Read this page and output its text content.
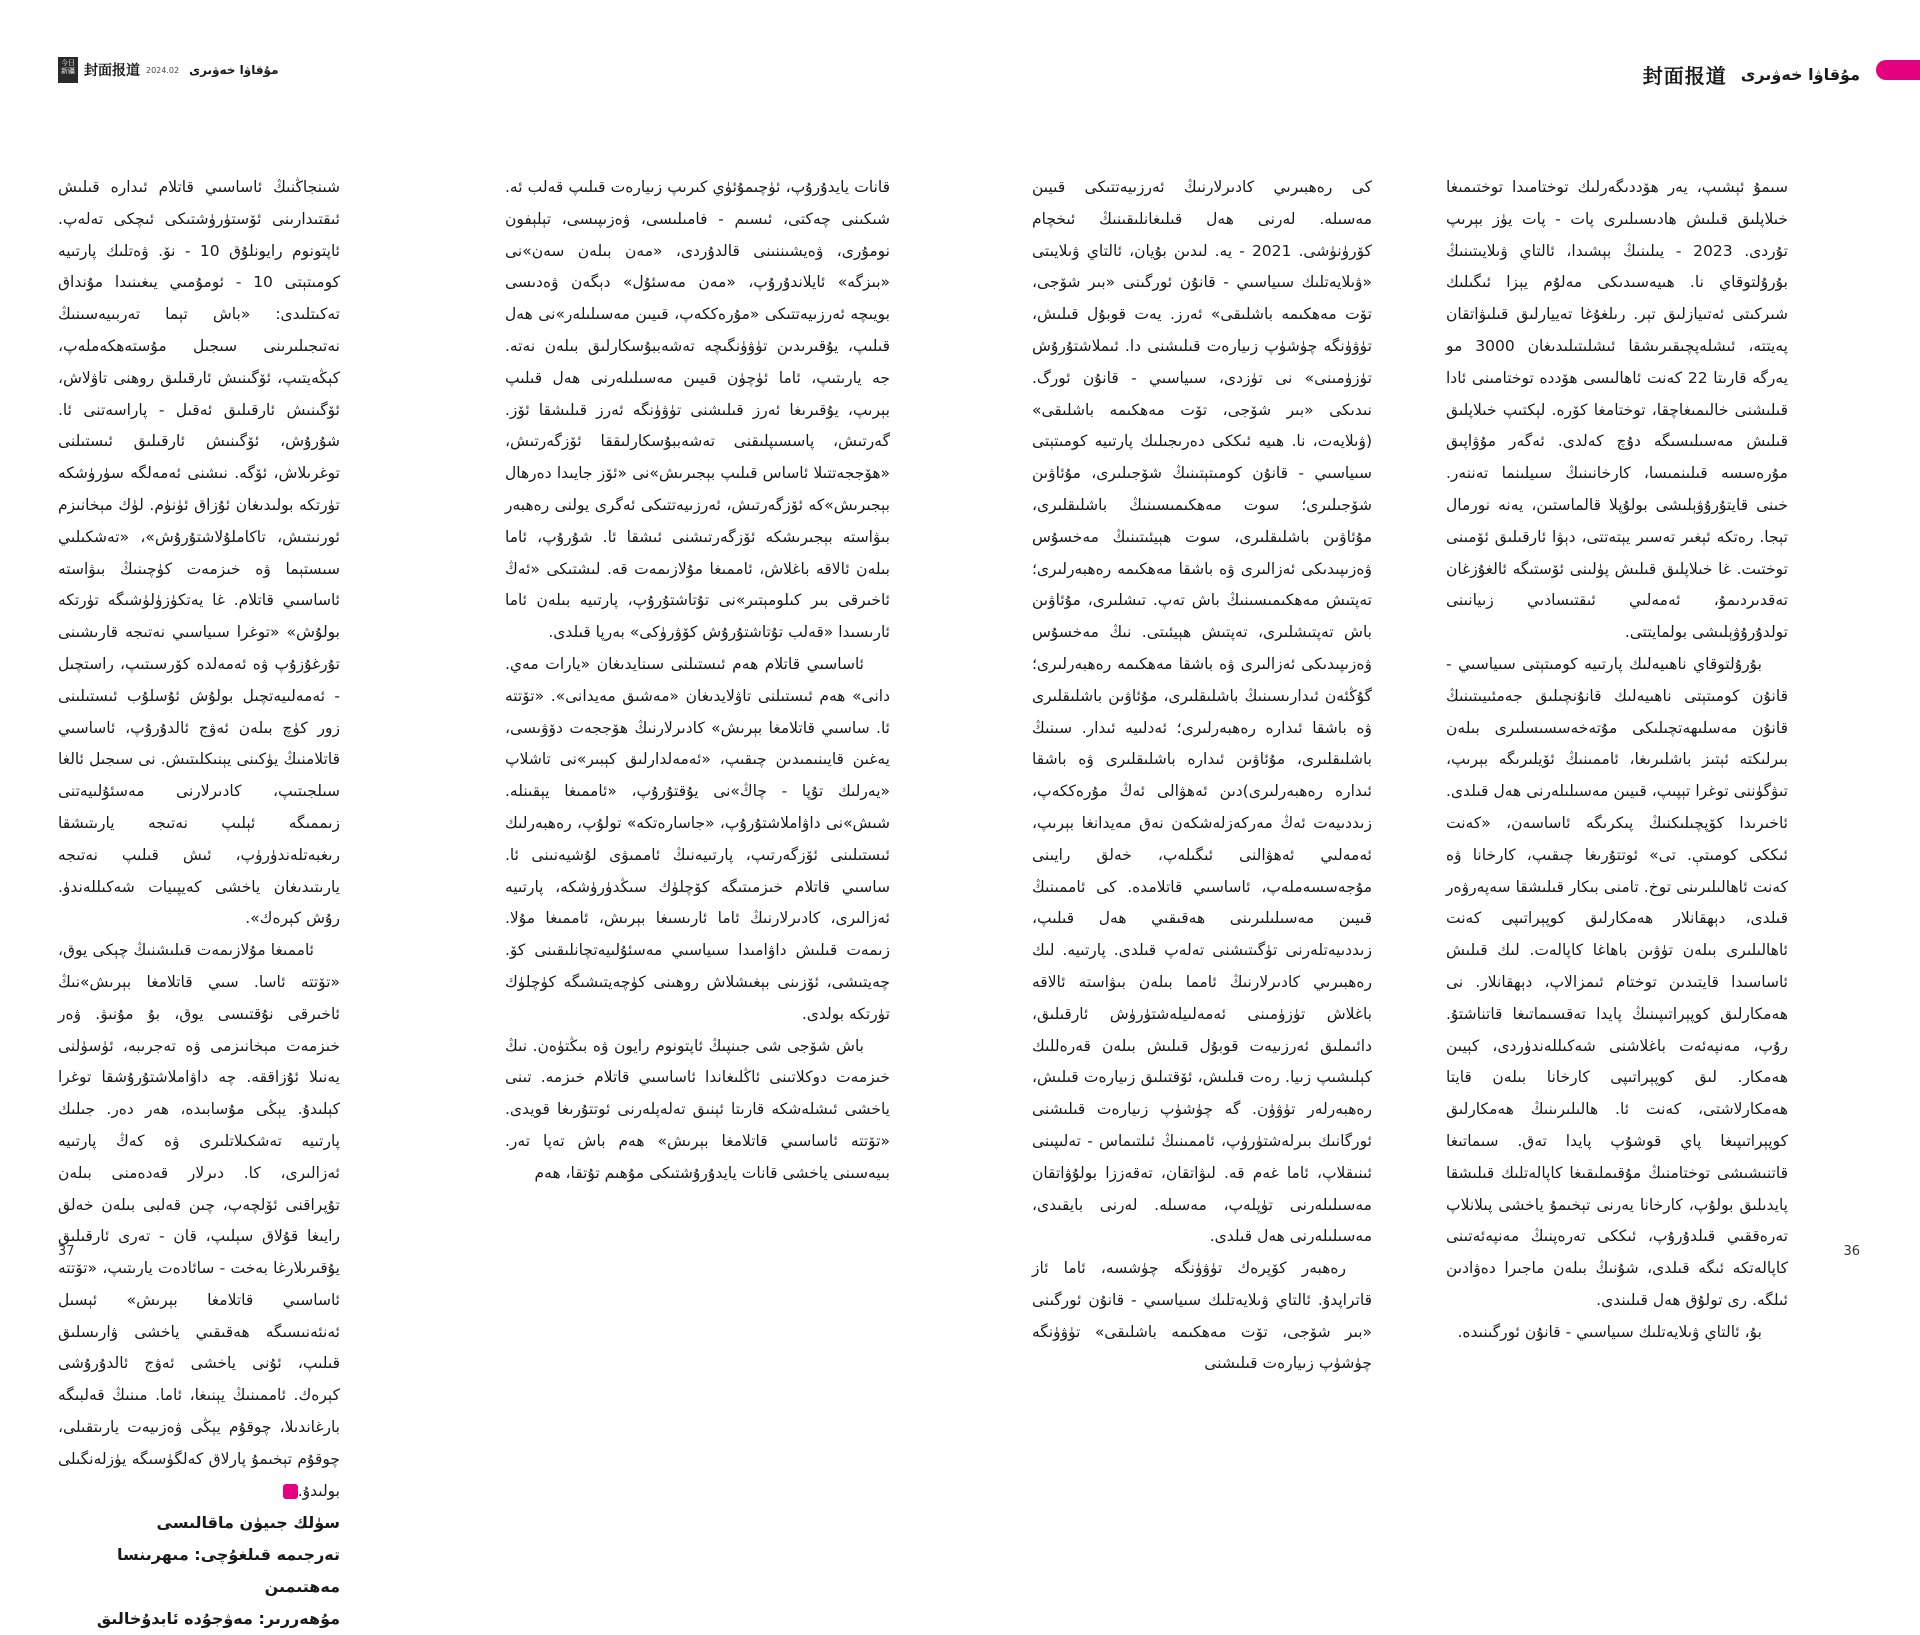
今日新疆 封面报道 2024.02 مۇقاۋا خەۋىرى

شىنجاڭنىڭ ئاساسىي قاتلام ئىدارە قىلىش ئىقتىدارىنى ئۆستۈرۈشتىكى ئىچكى تەلەپ. ئاپتونوم رايونلۇق 10 - نۆ. ۋەتلىك پارتىيە كومىتېتى 10 - ئومۇمىي يىغىنىدا مۇنداق تەكىتلىدى: «باش تېما تەربىيەسىنىڭ نەتىجىلىرىنى سىجىل مۇستەھكەملەپ، كېڭەيتىپ، ئۆگىنىش ئارقىلىق روھنى تاۋلاش، ئۆگىنىش ئارقىلىق ئەقىل - پاراسەتنى ئا. شۇرۇش، ئۆگىنىش ئارقىلىق ئىستىلنى توغرىلاش، ئۆگە. نىشنى ئەمەلگە سۈرۈشكە تۈرتكە بولىدىغان ئۇزاق ئۈنۈم. لۈك مېخانىزم ئورنىتىش، تاكاملۇلاشتۇرۇش»، «تەشكىلىي سىستېما ۋە خىزمەت كۈچىنىڭ بىۋاستە ئاساسىي قاتلام. غا يەتكۈزۈلۈشىگە تۈرتكە بولۇش» «توغرا سىياسىي نەتىجە قارىشىنى تۇرغۇزۇپ ۋە ئەمەلدە كۆرسىتىپ، راستچىل - ئەمەلىيەتچىل بولۇش ئۇسلۇب ئىستىلىنى زور كۈچ بىلەن ئەۋج ئالدۇرۇپ، ئاساسىي قاتلامنىڭ يۈكىنى يېنىكلىتىش. نى سىجىل ئالغا سىلجىتىپ، كادىرلارنى مەسئۇلىيەتنى زىممىگە ئېلىپ نەتىجە يارىتىشقا رىغبەتلەندۈرۈپ، ئىش قىلىپ نەتىجە يارىتىدىغان ياخشى كەيپىيات شەكىللەندۈ. رۇش كېرەك».

ئاممىغا مۇلازىمەت قىلىشنىڭ چېكى يوق، «تۆتتە ئاسا. سىي قاتلامغا بېرىش»نىڭ ئاخىرقى نۇقتىسى يوق، بۇ مۇنىۋ. ۋەر خىزمەت مېخانىزمى ۋە تەجرىبە، ئۈسۈلنى يەنىلا ئۇزاققە. چە داۋاملاشتۇرۇشقا توغرا كېلىدۇ. يېڭى مۇسابىدە، ھەر دەر. جىلىك پارتىيە تەشكىلاتلىرى ۋە كەڭ پارتىيە ئەزالىرى، كا. دىرلار قەدەمنى بىلەن تۇپراقنى ئۆلچەپ، چىن قەلبى بىلەن خەلق رايىغا قۇلاق سېلىپ، قان - تەرى ئارقىلىق يۇقىرىلارغا بەخت - سائادەت يارىتىپ، «تۆتتە ئاساسىي قاتلامغا بېرىش» ئېسىل ئەنئەنىسىگە ھەقىقىي ياخشى ۋارىسلىق قىلىپ، ئۇنى ياخشى ئەۋج ئالدۇرۇشى كېرەك. ئاممىنىڭ يېنىغا، ئاما. مىنىڭ قەلبىگە بارغاندىلا، چوقۇم يېڭى ۋەزىيەت يارىتقىلى، چوقۇم تېخىمۇ پارلاق كەلگۈسىگە يۈزلەنگىلى بولىدۇ.

سۈلك جىيۈن ماقالىسى
تەرجىمە قىلغۇچى: مىھرىنسا مەھتىمىن
مۇھەررىر: مەۋجۇدە ئابدۇخالىق

قانات يايدۇرۇپ، ئۈچىمۇئۈي كىرىپ زىيارەت قىلىپ قەلب ئە. شىكىنى چەكتى، ئىسىم - فامىلىسى، ۋەزىپىسى، تېلېفون نومۇرى، ۋەيشىننىنى قالدۇردى، «مەن بىلەن سەن»نى «بىزگە» ئايلاندۇرۇپ، «مەن مەسئۇل» دېگەن ۋەدىسى بويىچە ئەرزىيەتتىكى «مۇرەككەپ، قىيىن مەسىلىلەر»نى ھەل قىلىپ، يۇقىرىدىن تۈۋۈنگىچە تەشەببۇسكارلىق بىلەن نەتە. جە يارىتىپ، ئاما ئۈچۈن قىيىن مەسىلىلەرنى ھەل قىلىپ بېرىپ، يۇقىرىغا ئەرز قىلىشنى تۈۋۈنگە ئەرز قىلىشقا ئۆز. گەرتىش، پاسسىپلىقنى تەشەببۇسكارلىققا ئۆزگەرتىش، «ھۆججەتتىلا ئاساس قىلىپ بېجىرىش»نى «ئۆز جايىدا دەرھال بېجىرىش»كە ئۆزگەرتىش، ئەرزىيەتتىكى ئەگرى يولنى رەھبەر بىۋاستە بېجىرىشكە ئۆزگەرتىشنى ئىشقا ئا. شۇرۇپ، ئاما بىلەن ئالاقە باغلاش، ئاممىغا مۇلازىمەت قە. لىشتىكى «ئەڭ ئاخىرقى بىر كىلومېتىر»نى تۇتاشتۇرۇپ، پارتىيە بىلەن ئاما ئارىسىدا «قەلب تۇتاشتۇرۇش كۆۋرۈكى» بەرپا قىلدى.

ئاساسىي قاتلام ھەم ئىستىلنى سىنايدىغان «يارات مەي. دانى» ھەم ئىستىلنى تاۋلايدىغان «مەشىق مەيدانى». «تۆتتە ئا. ساسىي قاتلامغا بېرىش» كادىرلارنىڭ ھۆججەت دۆۋىسى، يەغىن قايىنىمىدىن چىقىپ، «ئەمەلدارلىق كېبىر»نى تاشلاپ «يەرلىك تۇپا - چاڭ»نى يۇقتۇرۇپ، «ئاممىغا يېقىنلە. شىش»نى داۋاملاشتۇرۇپ، «جاسارەتكە» تولۇپ، رەھبەرلىك ئىستىلىنى ئۆزگەرتىپ، پارتىيەنىڭ ئاممىۋى لۇشيەنىنى ئا. ساسىي قاتلام خىزمىتىگە كۆچلۈك سىڭدۈرۈشكە، پارتىيە ئەزالىرى، كادىرلارنىڭ ئاما ئارىسىغا بېرىش، ئاممىغا مۇلا. زىمەت قىلىش داۋامىدا سىياسىي مەسئۇلىيەتچانلىقىنى كۆ. چەيتىشى، ئۆزىنى بېغىشلاش روھىنى كۈچەيتىشىگە كۈچلۈك تۈرتكە بولدى.

باش شۆجى شى جىنپىڭ ئاپتونوم رايون ۋە بىڭتۈەن. نىڭ خىزمەت دوكلاتىنى ئاڭلىغاندا ئاساسىي قاتلام خىزمە. تىنى ياخشى ئىشلەشكە قارىتا ئېنىق تەلەپلەرنى ئوتتۇرىغا قويدى. «تۆتتە ئاساسىي قاتلامغا بېرىش» ھەم باش تەپا تەر. بىيەسىنى ياخشى قانات يايدۇرۇشتىكى مۇھىم تۇتقا، ھەم

37
封面报道 مۇقاۋا خەۋىرى

كى رەھبىرىي كادىرلارنىڭ ئەرزىيەتتىكى قىيىن مەسىلە. لەرنى ھەل قىلىغانلىقىنىڭ ئىخچام كۆرۈنۈشى. 2021 - يە. لىدىن بۇيان، ئالتاي ۋىلايىتى «ۋىلايەتلىك سىياسىي - قانۇن ئورگىنى «بىر شۆجى، تۆت مەھكىمە باشلىقى» ئەرز. يەت قوبۇل قىلىش، تۈۋۈنگە چۈشۈپ زىيارەت قىلىشنى دا. ئىملاشتۇرۇش تۈزۈمىنى» نى تۈزدى، سىياسىي - قانۇن ئورگ. نىدىكى «بىر شۆجى، تۆت مەھكىمە باشلىقى» (ۋىلايەت، نا. ھىيە ئىككى دەرىجىلىك پارتىيە كومىتېتى سىياسىي - قانۇن كومىتېتىنىڭ شۆجىلىرى، مۇئاۋىن شۆجىلىرى؛ سوت مەھكىمىسىنىڭ باشلىقلىرى، مۇئاۋىن باشلىقلىرى، سوت ھېيئىتىنىڭ مەخسۇس ۋەزىپىدىكى ئەزالىرى ۋە باشقا مەھكىمە رەھبەرلىرى؛ تەپتىش مەھكىمىسىنىڭ باش تەپ. تىشلىرى، مۇئاۋىن باش تەپتىشلىرى، تەپتىش ھېيئىتى. نىڭ مەخسۇس ۋەزىپىدىكى ئەزالىرى ۋە باشقا مەھكىمە رەھبەرلىرى؛ گۇڭئەن ئىدارىسىنىڭ باشلىقلىرى، مۇئاۋىن باشلىقلىرى ۋە باشقا ئىدارە رەھبەرلىرى؛ ئەدلىيە ئىدار. سىنىڭ باشلىقلىرى، مۇئاۋىن ئىدارە باشلىقلىرى ۋە باشقا ئىدارە رەھبەرلىرى)دىن ئەھۋالى ئەڭ مۇرەككەپ، زىددىيەت ئەڭ مەركەزلەشكەن نەق مەيدانغا بېرىپ، ئەمەلىي ئەھۋالنى ئىگىلەپ، خەلق رايىنى مۇجەسسەملەپ، ئاساسىي قاتلامدە. كى ئاممىنىڭ قىيىن مەسىلىلىرىنى ھەقىقىي ھەل قىلىپ، زىددىيەتلەرنى تۈگىتىشنى تەلەپ قىلدى. پارتىيە. لىك رەھبىرىي كادىرلارنىڭ ئامما بىلەن بىۋاستە ئالاقە باغلاش تۈزۈمىنى ئەمەلىيلەشتۈرۈش ئارقىلىق، دائىملىق ئەرزىيەت قوبۇل قىلىش بىلەن قەرەللىك كېلىشىپ زىيا. رەت قىلىش، ئۆقتىلىق زىيارەت قىلىش، رەھبەرلەر تۈۋۈن. گە چۈشۈپ زىيارەت قىلىشنى ئورگانىك بىرلەشتۈرۈپ، ئاممىنىڭ ئىلتىماس - تەلىپىنى ئىنىقلاپ، ئاما غەم قە. لىۋاتقان، تەقەززا بولۇۋاتقان مەسىلىلەرنى تۈپلەپ، مەسىلە. لەرنى بايقىدى، مەسىلىلەرنى ھەل قىلدى.

رەھبەر كۆپرەك تۈۋۈنگە چۈشسە، ئاما ئاز قاتراپدۇ. ئالتاي ۋىلايەتلىك سىياسىي - قانۇن ئورگىنى «بىر شۆجى، تۆت مەھكىمە باشلىقى» تۈۋۈنگە چۈشۈپ زىيارەت قىلىشنى

سىمۇ ئېشىپ، يەر ھۆددىگەرلىك توختامىدا توختىمىغا خىلاپلىق قىلىش ھادىسىلىرى پات - پات يۈز بېرىپ تۇردى. 2023 - يىلىنىڭ بېشىدا، ئالتاي ۋىلايىتىنىڭ بۇرۇلتوقاي نا. ھىيەسىدىكى مەلۇم يېزا ئىگىلىك شىركىتى ئەتىيازلىق تېر. رىلغۇغا تەييارلىق قىلىۋاتقان پەيتتە، ئىشلەپچىقىرىشقا ئىشلىتىلىدىغان 3000 مو يەرگە قارىتا 22 كەنت ئاھالىسى ھۆددە توختامىنى ئادا قىلىشنى خالىمىغاچقا، توختامغا كۆرە. لېكتىپ خىلاپلىق قىلىش مەسىلىسىگە دۇچ كەلدى. ئەگەر مۇۋاپىق مۇرەسسە قىلىنمىسا، كارخانىنىڭ سىيلىنما تەننەر. خىنى قايتۇرۇۋېلىشى بولۇپلا قالماستىن، يەنە نورمال تېجا. رەتكە ئېغىر تەسىر يېتەتتى، دېۋا ئارقىلىق ئۆمىنى توختىت. غا خىلاپلىق قىلىش پۈلىنى ئۆستىگە ئالغۇزغان تەقدىردىمۇ، ئەمەلىي ئىقتىسادىي زىيانىنى تولدۇرۇۋېلىشى بولمايتتى.

بۇرۇلتوقاي ناھىيەلىك پارتىيە كومىتېتى سىياسىي - قانۇن كومىتېتى ناھىيەلىك قانۇنچىلىق جەمئىيىتىنىڭ قانۇن مەسلىھەتچىلىكى مۇتەخەسسىسلىرى بىلەن بىرلىكتە ئېتىز باشلىرىغا، ئاممىنىڭ ئۆيلىرىگە بېرىپ، تىۋگۈننى توغرا تېپىپ، قىيىن مەسىلىلەرنى ھەل قىلدى. ئاخىرىدا كۆپچىلىكنىڭ پىكرىگە ئاساسەن، «كەنت ئىككى كومىتې. تى» ئوتتۇرىغا چىقىپ، كارخانا ۋە كەنت ئاھالىلىرىنى توخ. تامنى بىكار قىلىشقا سەپەرۋەر قىلدى، دېھقانلار ھەمكارلىق كوپېراتىپى كەنت ئاھالىلىرى بىلەن تۈۋىن باھاغا كاپالەت. لىك قىلىش ئاساسىدا قايتىدىن توختام ئىمزالاپ، دېھقانلار. نى ھەمكارلىق كوپېراتىپىنىڭ پايدا تەقسىماتىغا قاتناشتۇ. رۇپ، مەنپەئەت باغلاشنى شەكىللەندۈردى، كېيىن ھەمكار. لىق كوپېراتىپى كارخانا بىلەن قايتا ھەمكارلاشتى، كەنت ئا. ھالىلىرىنىڭ ھەمكارلىق كوپېراتىپىغا پاي قوشۇپ پايدا تەق. سىماتىغا قاتنىشىشى توختامنىڭ مۇقىملىقىغا كاپالەتلىك قىلىشقا پايدىلىق بولۇپ، كارخانا يەرنى تېخىمۇ ياخشى پىلانلاپ تەرەققىي قىلدۇرۇپ، ئىككى تەرەپنىڭ مەنپەئەتىنى كاپالەتكە ئىگە قىلدى، شۇنىڭ بىلەن ماجىرا دەۋادىن ئىلگە. رى تولۇق ھەل قىلىندى.

بۇ، ئالتاي ۋىلايەتلىك سىياسىي - قانۇن ئورگىنىدە.

36
